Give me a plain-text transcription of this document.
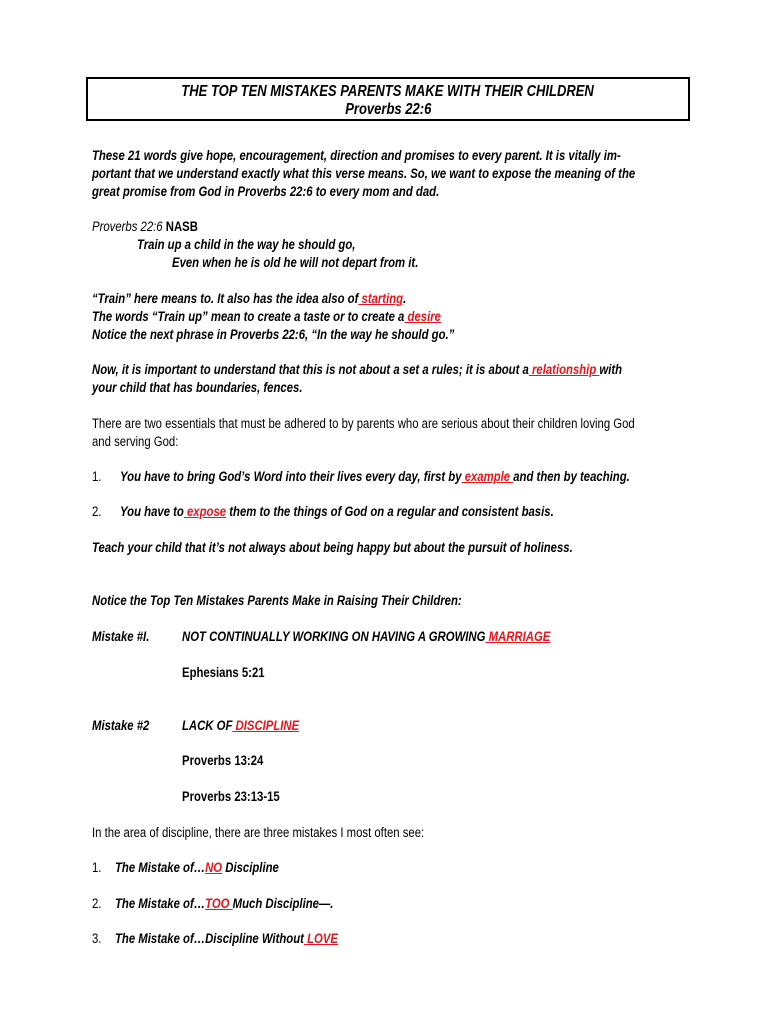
THE TOP TEN MISTAKES PARENTS MAKE WITH THEIR CHILDREN
Proverbs 22:6
These 21 words give hope, encouragement, direction and promises to every parent. It is vitally im-
portant that we understand exactly what this verse means. So, we want to expose the meaning of the
great promise from God in Proverbs 22:6 to every mom and dad.
Proverbs 22:6 NASB
Train up a child in the way he should go,
Even when he is old he will not depart from it.
“Train” here means to. It also has the idea also of starting.
The words “Train up” mean to create a taste or to create a desire
Notice the next phrase in Proverbs 22:6, “In the way he should go.”
Now, it is important to understand that this is not about a set a rules; it is about a relationship with
your child that has boundaries, fences.
There are two essentials that must be adhered to by parents who are serious about their children loving God
and serving God:
1. You have to bring God’s Word into their lives every day, first by example and then by teaching.
2. You have to expose them to the things of God on a regular and consistent basis.
Teach your child that it’s not always about being happy but about the pursuit of holiness.
Notice the Top Ten Mistakes Parents Make in Raising Their Children:
Mistake #I. NOT CONTINUALLY WORKING ON HAVING A GROWING MARRIAGE
Ephesians 5:21
Mistake #2 LACK OF DISCIPLINE
Proverbs 13:24
Proverbs 23:13-15
In the area of discipline, there are three mistakes I most often see:
1. The Mistake of…NO Discipline
2. The Mistake of…TOO Much Discipline—.
3. The Mistake of…Discipline Without LOVE
